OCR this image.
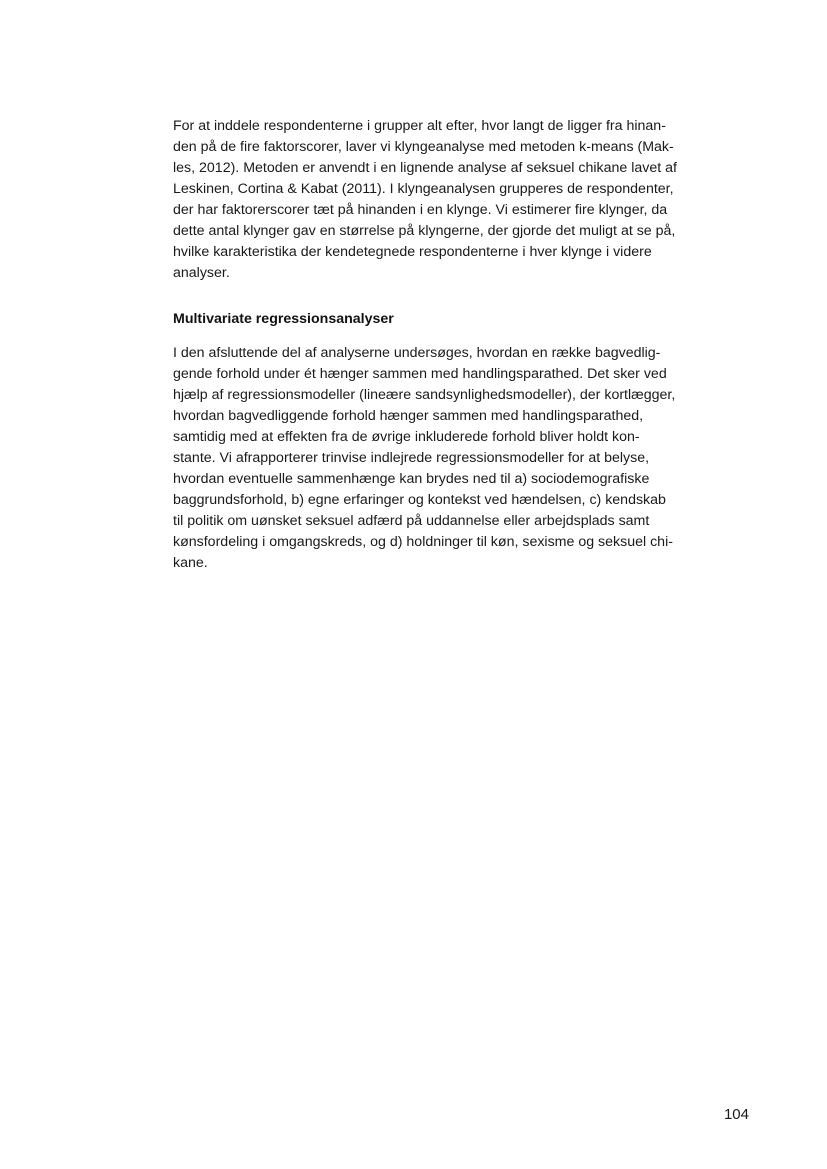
For at inddele respondenterne i grupper alt efter, hvor langt de ligger fra hinan-
den på de fire faktorscorer, laver vi klyngeanalyse med metoden k-means (Mak-
les, 2012). Metoden er anvendt i en lignende analyse af seksuel chikane lavet af
Leskinen, Cortina & Kabat (2011). I klyngeanalysen grupperes de respondenter,
der har faktorerscorer tæt på hinanden i en klynge. Vi estimerer fire klynger, da
dette antal klynger gav en størrelse på klyngerne, der gjorde det muligt at se på,
hvilke karakteristika der kendetegnede respondenterne i hver klynge i videre
analyser.
Multivariate regressionsanalyser
I den afsluttende del af analyserne undersøges, hvordan en række bagvedlig-
gende forhold under ét hænger sammen med handlingsparathed. Det sker ved
hjælp af regressionsmodeller (lineære sandsynlighedsmodeller), der kortlægger,
hvordan bagvedliggende forhold hænger sammen med handlingsparathed,
samtidig med at effekten fra de øvrige inkluderede forhold bliver holdt kon-
stante. Vi afrapporterer trinvise indlejrede regressionsmodeller for at belyse,
hvordan eventuelle sammenhænge kan brydes ned til a) sociodemografiske
baggrundsforhold, b) egne erfaringer og kontekst ved hændelsen, c) kendskab
til politik om uønsket seksuel adfærd på uddannelse eller arbejdsplads samt
kønsfordeling i omgangskreds, og d) holdninger til køn, sexisme og seksuel chi-
kane.
104
